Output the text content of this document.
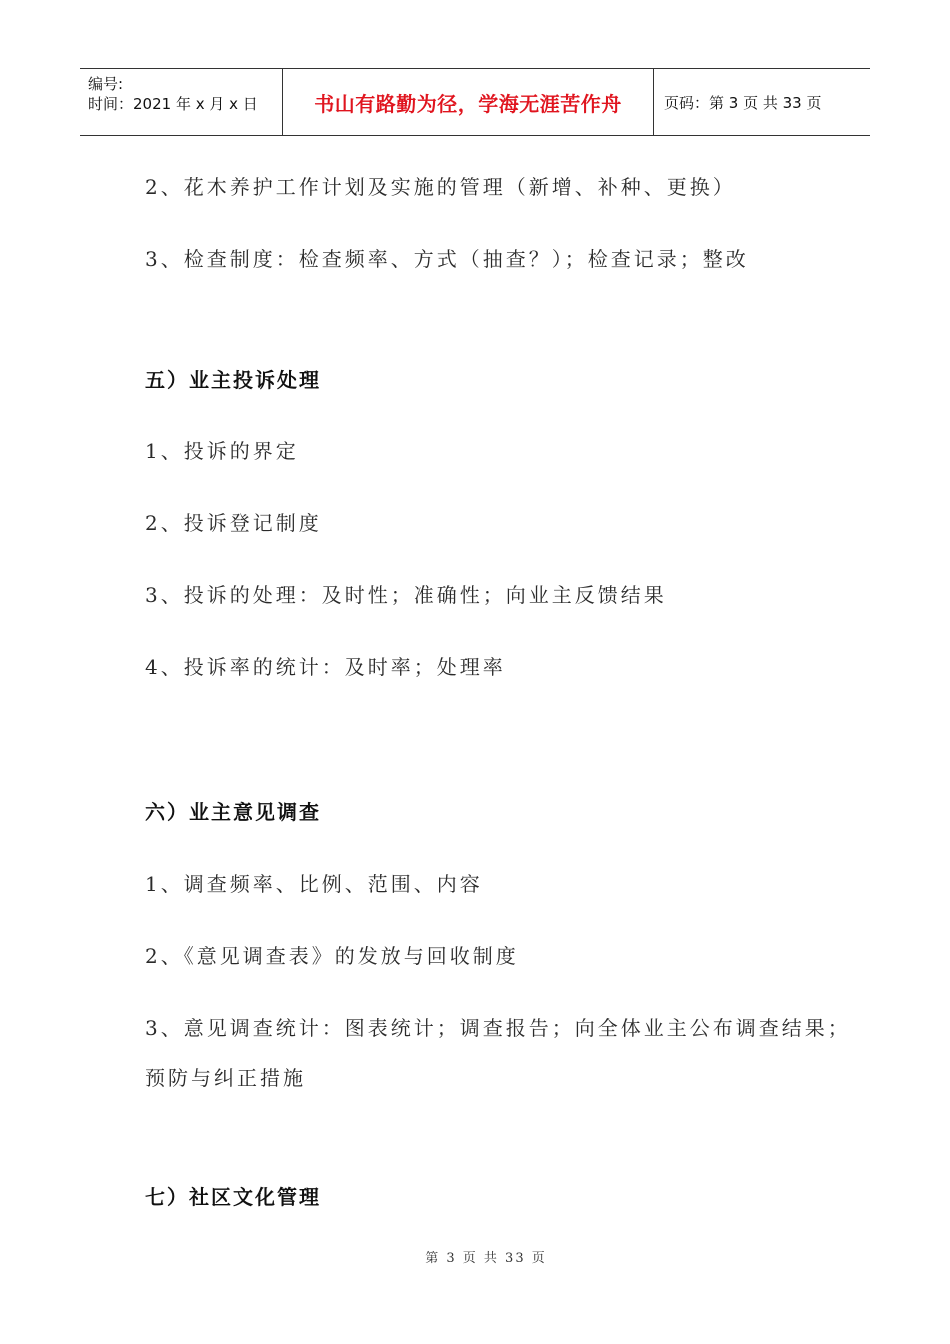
编号:
时间：2021 年 x 月 x 日	书山有路勤为径，学海无涯苦作舟	页码：第 3 页 共 33 页
2、花木养护工作计划及实施的管理（新增、补种、更换）
3、检查制度：检查频率、方式（抽查？）；检查记录；整改
五）业主投诉处理
1、投诉的界定
2、投诉登记制度
3、投诉的处理：及时性；准确性；向业主反馈结果
4、投诉率的统计：及时率；处理率
六）业主意见调查
1、调查频率、比例、范围、内容
2、《意见调查表》的发放与回收制度
3、意见调查统计：图表统计；调查报告；向全体业主公布调查结果；
预防与纠正措施
七）社区文化管理
第 3 页 共 33 页
